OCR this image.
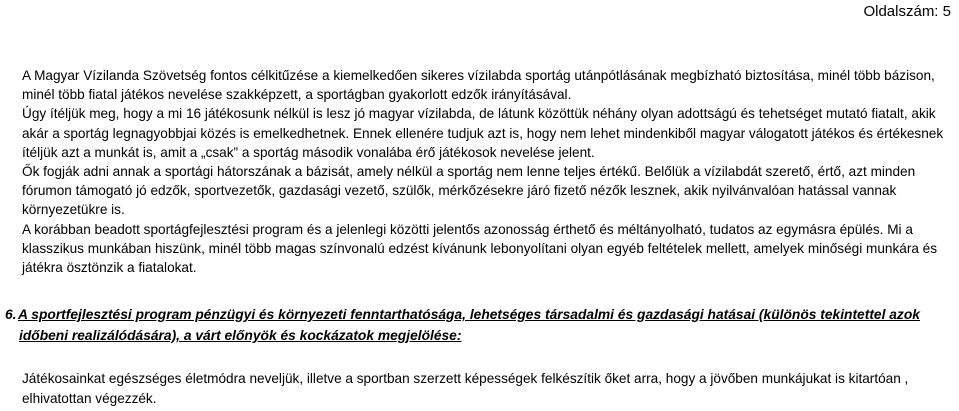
Oldalszám: 5

A Magyar Vízilanda Szövetség fontos célkitűzése a kiemelkedően sikeres vízilabda sportág utánpótlásának megbízható biztosítása, minél több bázison, minél több fiatal játékos nevelése szakképzett, a sportágban gyakorlott edzők irányításával.

Úgy ítéljük meg, hogy a mi 16 játékosunk nélkül is lesz jó magyar vízilabda, de látunk közöttük néhány olyan adottságú és tehetséget mutató fiatalt, akik akár a sportág legnagyobbjai közés is emelkedhetnek. Ennek ellenére tudjuk azt is, hogy nem lehet mindenkiből magyar válogatott játékos és értékesnek ítéljük azt a munkát is, amit a „csak” a sportág második vonalába érő játékosok nevelése jelent.

Ők fogják adni annak a sportági hátorszának a bázisát, amely nélkül a sportág nem lenne teljes értékű. Belőlük a vízilabdát szerető, értő, azt minden fórumon támogató jó edzők, sportvezetők, gazdasági vezető, szülők, mérkőzésekre járó fizető nézők lesznek, akik nyilvánvalóan hatással vannak környezetükre is.

A korábban beadott sportágfejlesztési program és a jelenlegi közötti jelentős azonosság érthető és méltányolható, tudatos az egymásra épülés. Mi a klasszikus munkában hiszünk, minél több magas színvonalú edzést kívánunk lebonyolítani olyan egyéb feltételek mellett, amelyek minőségi munkára és játékra ösztönzik a fiatalokat.

6.A sportfejlesztési program pénzügyi és környezeti fenntarthatósága, lehetséges társadalmi és gazdasági hatásai (különös tekintettel azok
időbeni realizálódására), a várt előnyök és kockázatok megjelölése:

Játékosainkat egészséges életmódra neveljük, illetve a sportban szerzett képességek felkészítik őket arra, hogy a jövőben munkájukat is kitartóan , elhivatottan végezzék.
